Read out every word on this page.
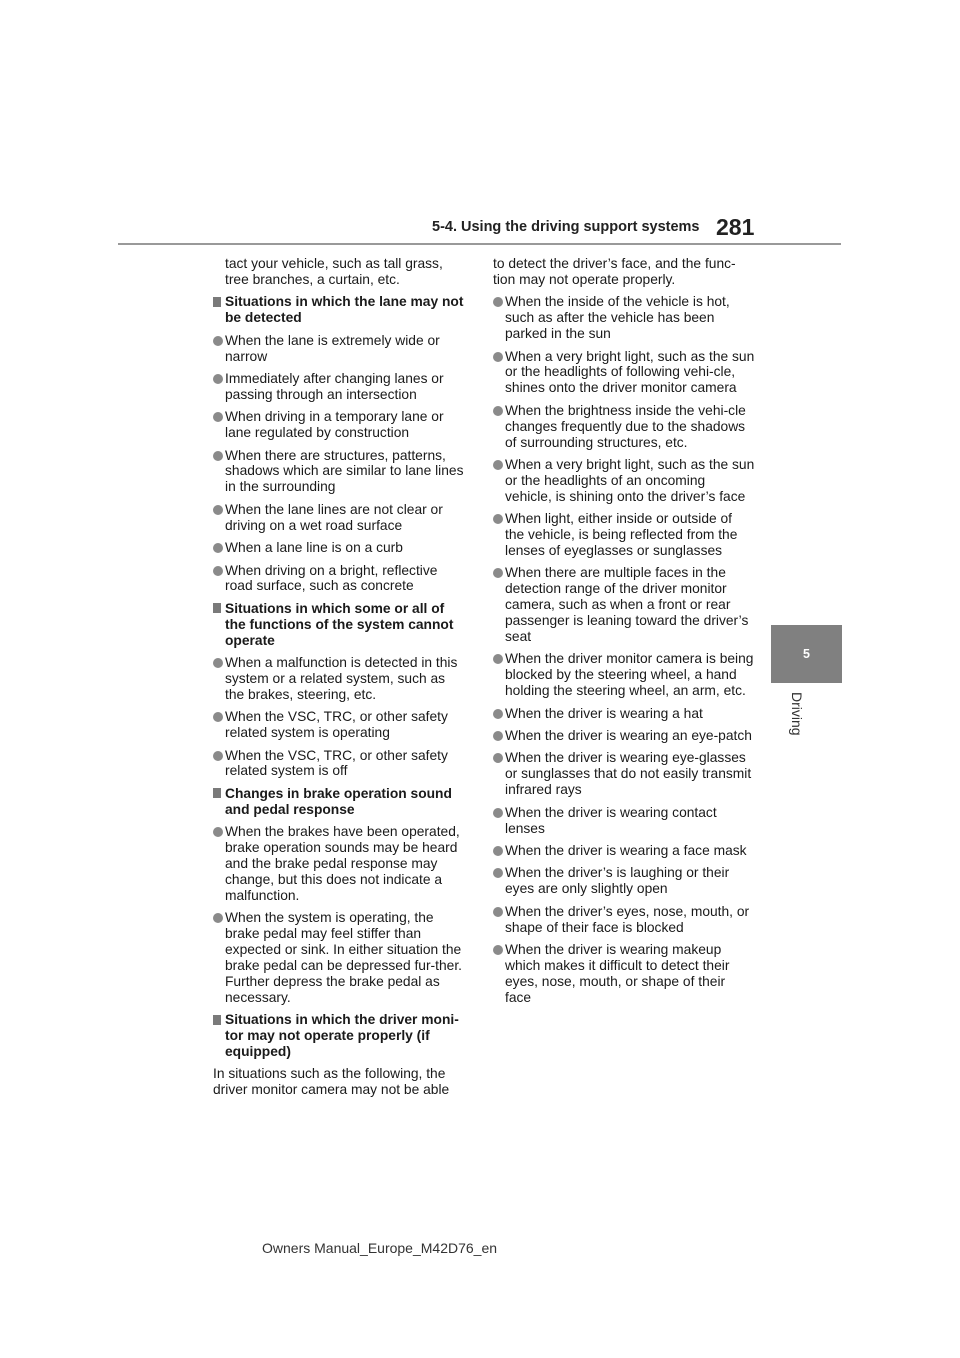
5-4. Using the driving support systems 281
5
Driving

tact your vehicle, such as tall grass, tree branches, a curtain, etc.

Situations in which the lane may not be detected
When the lane is extremely wide or narrow
Immediately after changing lanes or passing through an intersection
When driving in a temporary lane or lane regulated by construction
When there are structures, patterns, shadows which are similar to lane lines in the surrounding
When the lane lines are not clear or driving on a wet road surface
When a lane line is on a curb
When driving on a bright, reflective road surface, such as concrete
Situations in which some or all of the functions of the system cannot operate
When a malfunction is detected in this system or a related system, such as the brakes, steering, etc.
When the VSC, TRC, or other safety related system is operating
When the VSC, TRC, or other safety related system is off
Changes in brake operation sound and pedal response
When the brakes have been operated, brake operation sounds may be heard and the brake pedal response may change, but this does not indicate a malfunction.
When the system is operating, the brake pedal may feel stiffer than expected or sink. In either situation the brake pedal can be depressed fur-ther. Further depress the brake pedal as necessary.
Situations in which the driver moni-tor may not operate properly (if equipped)

In situations such as the following, the driver monitor camera may not be able

to detect the driver’s face, and the func-tion may not operate properly.

When the inside of the vehicle is hot, such as after the vehicle has been parked in the sun
When a very bright light, such as the sun or the headlights of following vehi-cle, shines onto the driver monitor camera
When the brightness inside the vehi-cle changes frequently due to the shadows of surrounding structures, etc.
When a very bright light, such as the sun or the headlights of an oncoming vehicle, is shining onto the driver’s face
When light, either inside or outside of the vehicle, is being reflected from the lenses of eyeglasses or sunglasses
When there are multiple faces in the detection range of the driver monitor camera, such as when a front or rear passenger is leaning toward the driver’s seat
When the driver monitor camera is being blocked by the steering wheel, a hand holding the steering wheel, an arm, etc.
When the driver is wearing a hat
When the driver is wearing an eye-patch
When the driver is wearing eye-glasses or sunglasses that do not easily transmit infrared rays
When the driver is wearing contact lenses
When the driver is wearing a face mask
When the driver’s is laughing or their eyes are only slightly open
When the driver’s eyes, nose, mouth, or shape of their face is blocked
When the driver is wearing makeup which makes it difficult to detect their eyes, nose, mouth, or shape of their face
Owners Manual_Europe_M42D76_en
